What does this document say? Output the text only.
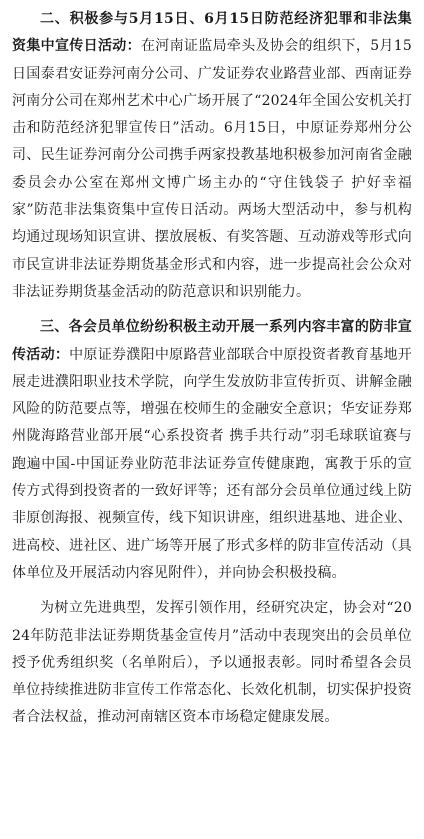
二、积极参与5月15日、6月15日防范经济犯罪和非法集资集中宣传日活动：在河南证监局牵头及协会的组织下，5月15日国泰君安证券河南分公司、广发证券农业路营业部、西南证券河南分公司在郑州艺术中心广场开展了“2024年全国公安机关打击和防范经济犯罪宣传日”活动。6月15日，中原证券郑州分公司、民生证券河南分公司携手两家投教基地积极参加河南省金融委员会办公室在郑州文博广场主办的“守住钱袋子 护好幸福家”防范非法集资集中宣传日活动。两场大型活动中，参与机构均通过现场知识宣讲、摆放展板、有奖答题、互动游戏等形式向市民宣讲非法证券期货基金形式和内容，进一步提高社会公众对非法证券期货基金活动的防范意识和识别能力。

三、各会员单位纷纷积极主动开展一系列内容丰富的防非宣传活动：中原证券濮阳中原路营业部联合中原投资者教育基地开展走进濮阳职业技术学院，向学生发放防非宣传折页、讲解金融风险的防范要点等，增强在校师生的金融安全意识；华安证券郑州陇海路营业部开展“心系投资者 携手共行动”羽毛球联谊赛与跑遍中国-中国证券业防范非法证券宣传健康跑，寓教于乐的宣传方式得到投资者的一致好评等；还有部分会员单位通过线上防非原创海报、视频宣传，线下知识讲座，组织进基地、进企业、进高校、进社区、进广场等开展了形式多样的防非宣传活动（具体单位及开展活动内容见附件），并向协会积极投稿。

为树立先进典型，发挥引领作用，经研究决定，协会对“2024年防范非法证券期货基金宣传月”活动中表现突出的会员单位授予优秀组织奖（名单附后），予以通报表彰。同时希望各会员单位持续推进防非宣传工作常态化、长效化机制，切实保护投资者合法权益，推动河南辖区资本市场稳定健康发展。
